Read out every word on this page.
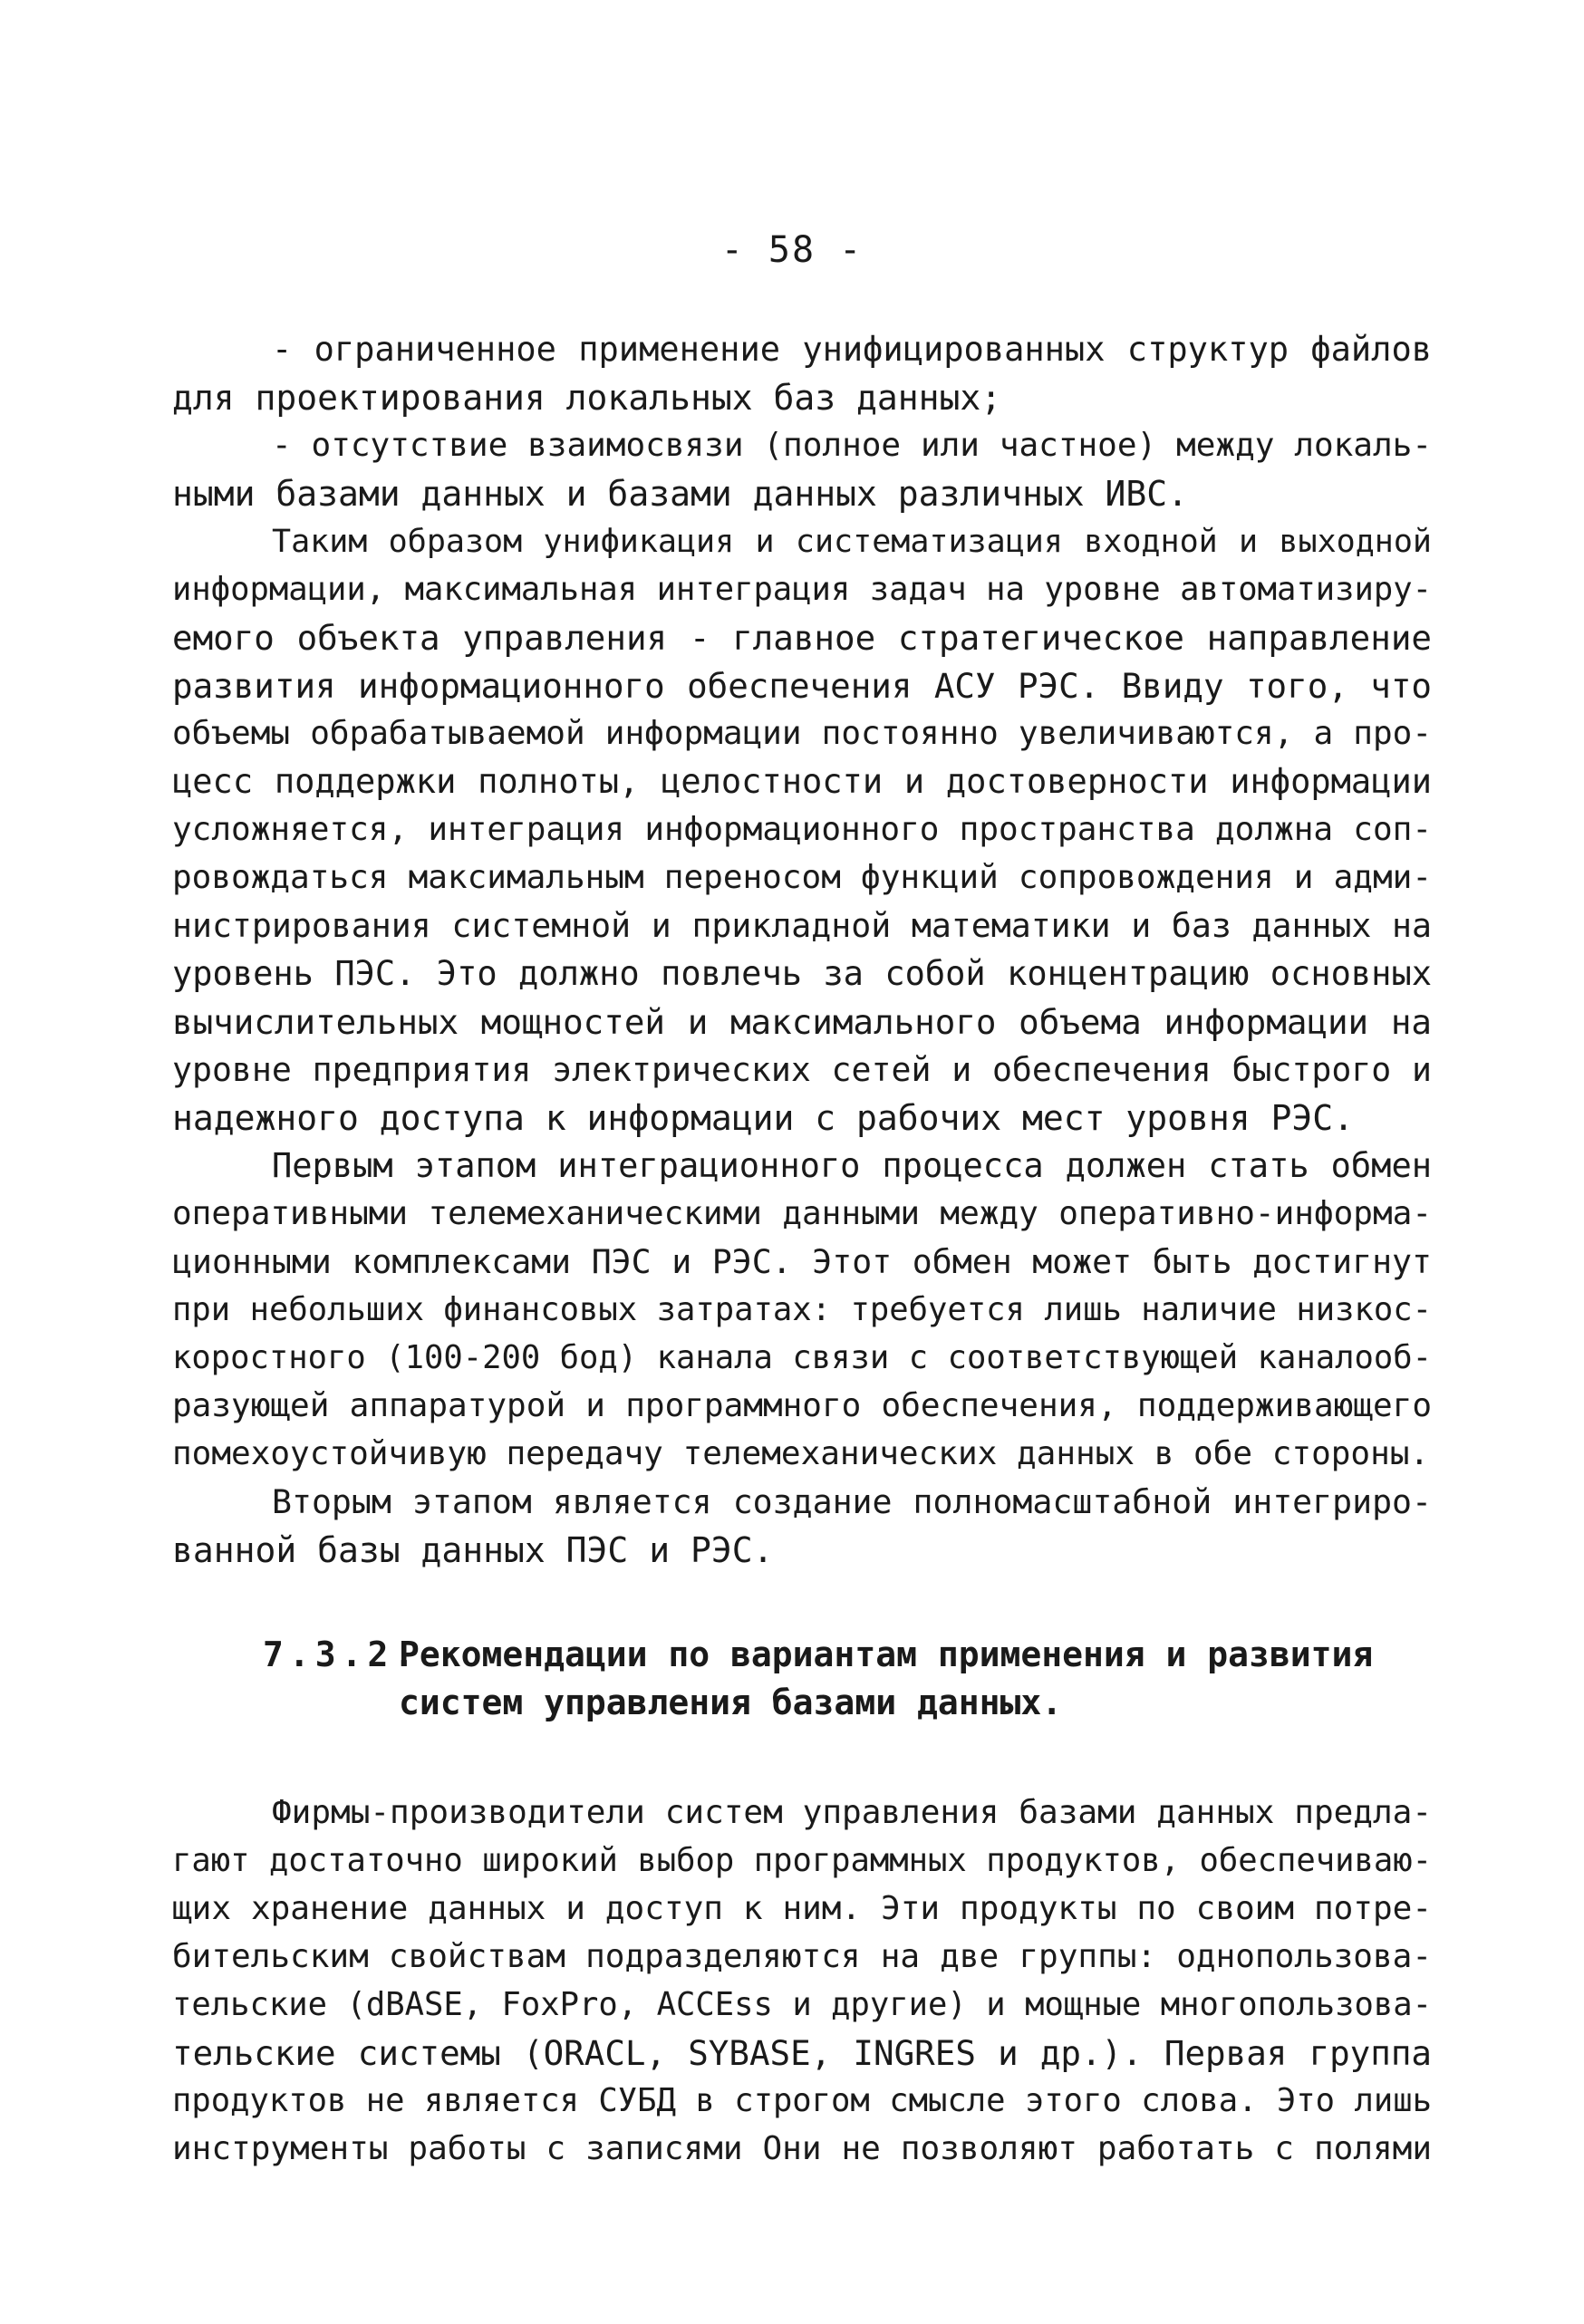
- 58 -
- ограниченное применение унифицированных структур файлов
для проектирования локальных баз данных;
- отсутствие взаимосвязи (полное или частное) между локаль-
ными базами данных и базами данных различных ИВС.
Таким образом унификация и систематизация входной и выходной
информации, максимальная интеграция задач на уровне автоматизиру-
емого объекта управления - главное стратегическое направление
развития информационного обеспечения АСУ РЭС. Ввиду того, что
объемы обрабатываемой информации постоянно увеличиваются, а про-
цесс поддержки полноты, целостности и достоверности информации
усложняется, интеграция информационного пространства должна соп-
ровождаться максимальным переносом функций сопровождения и адми-
нистрирования системной и прикладной математики и баз данных на
уровень ПЭС. Это должно повлечь за собой концентрацию основных
вычислительных мощностей и максимального объема информации на
уровне предприятия электрических сетей и обеспечения быстрого и
надежного доступа к информации с рабочих мест уровня РЭС.
Первым этапом интеграционного процесса должен стать обмен
оперативными телемеханическими данными между оперативно-информа-
ционными комплексами ПЭС и РЭС. Этот обмен может быть достигнут
при небольших финансовых затратах: требуется лишь наличие низкос-
коростного (100-200 бод) канала связи с соответствующей каналооб-
разующей аппаратурой и программного обеспечения, поддерживающего
помехоустойчивую передачу телемеханических данных в обе стороны.
Вторым этапом является создание полномасштабной интегриро-
ванной базы данных ПЭС и РЭС.
7.3.2.
Рекомендации по вариантам применения и развития
систем управления базами данных.
Фирмы-производители систем управления базами данных предла-
гают достаточно широкий выбор программных продуктов, обеспечиваю-
щих хранение данных и доступ к ним. Эти продукты по своим потре-
бительским свойствам подразделяются на две группы: однопользова-
тельские (dBASE, FoxPro, ACCEss и другие) и мощные многопользова-
тельские системы (ORACL, SYBASE, INGRES и др.). Первая группа
продуктов не является СУБД в строгом смысле этого слова. Это лишь
инструменты работы с записями Они не позволяют работать с полями
